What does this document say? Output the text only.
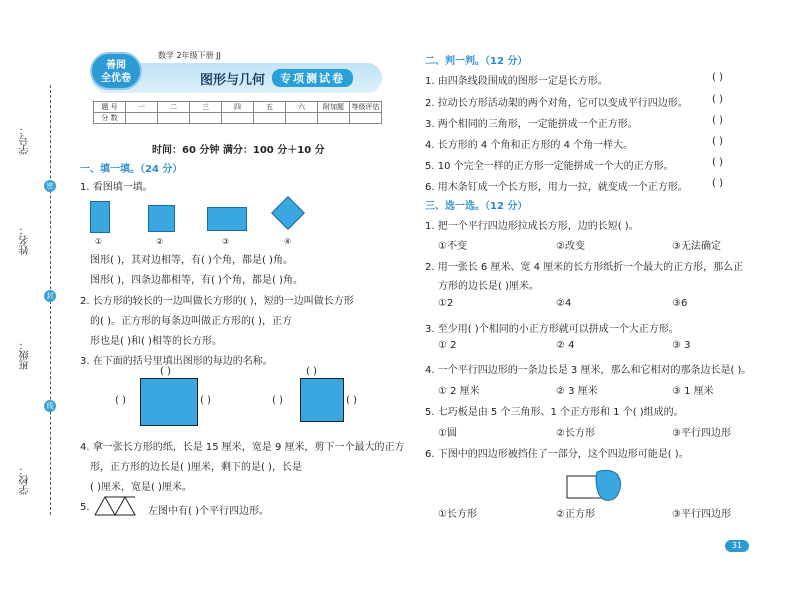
学号：
姓名：
班级：
学校：
密
封
线
善阅
全优卷
数学 2年级下册 JJ
图形与几何	专项测试卷
题 号	一	二	三	四	五	六	附加题	等级评估
分 数								
时间：60 分钟 满分：100 分＋10 分
一、填一填。（24 分）
1. 看图填一填。
①	②	③	④
图形( )，其对边相等，有( )个角，都是( )角。
图形( )，四条边都相等，有( )个角，都是( )角。
2. 长方形的较长的一边叫做长方形的( )，短的一边叫做长方形
的( )。正方形的每条边叫做正方形的( )，正方
形也是( )和( )相等的长方形。
3. 在下面的括号里填出图形的每边的名称。
( )
( )	( )
( )
( )	( )
4. 拿一张长方形的纸，长是 15 厘米，宽是 9 厘米，剪下一个最大的正方
形，正方形的边长是( )厘米，剩下的是( )，长是
( )厘米，宽是( )厘米。
5.	左图中有( )个平行四边形。
二、判一判。（12 分）
1. 由四条线段围成的图形一定是长方形。	( )
2. 拉动长方形活动架的两个对角，它可以变成平行四边形。 ( )
3. 两个相同的三角形，一定能拼成一个正方形。	( )
4. 长方形的 4 个角和正方形的 4 个角一样大。	( )
5. 10 个完全一样的正方形一定能拼成一个大的正方形。	( )
6. 用木条钉成一个长方形，用力一拉，就变成一个正方形。 ( )
三、选一选。（12 分）
1. 把一个平行四边形拉成长方形，边的长短( )。
①不变	②改变	③无法确定
2. 用一张长 6 厘米、宽 4 厘米的长方形纸折一个最大的正方形，那么正
方形的边长是( )厘米。
①2	②4	③6
3. 至少用( )个相同的小正方形就可以拼成一个大正方形。
① 2	② 4	③ 3
4. 一个平行四边形的一条边长是 3 厘米，那么和它相对的那条边长是( )。
① 2 厘米	② 3 厘米	③ 1 厘米
5. 七巧板是由 5 个三角形、1 个正方形和 1 个( )组成的。
①圆	②长方形	③平行四边形
6. 下图中的四边形被挡住了一部分，这个四边形可能是( )。
①长方形	②正方形	③平行四边形
31
